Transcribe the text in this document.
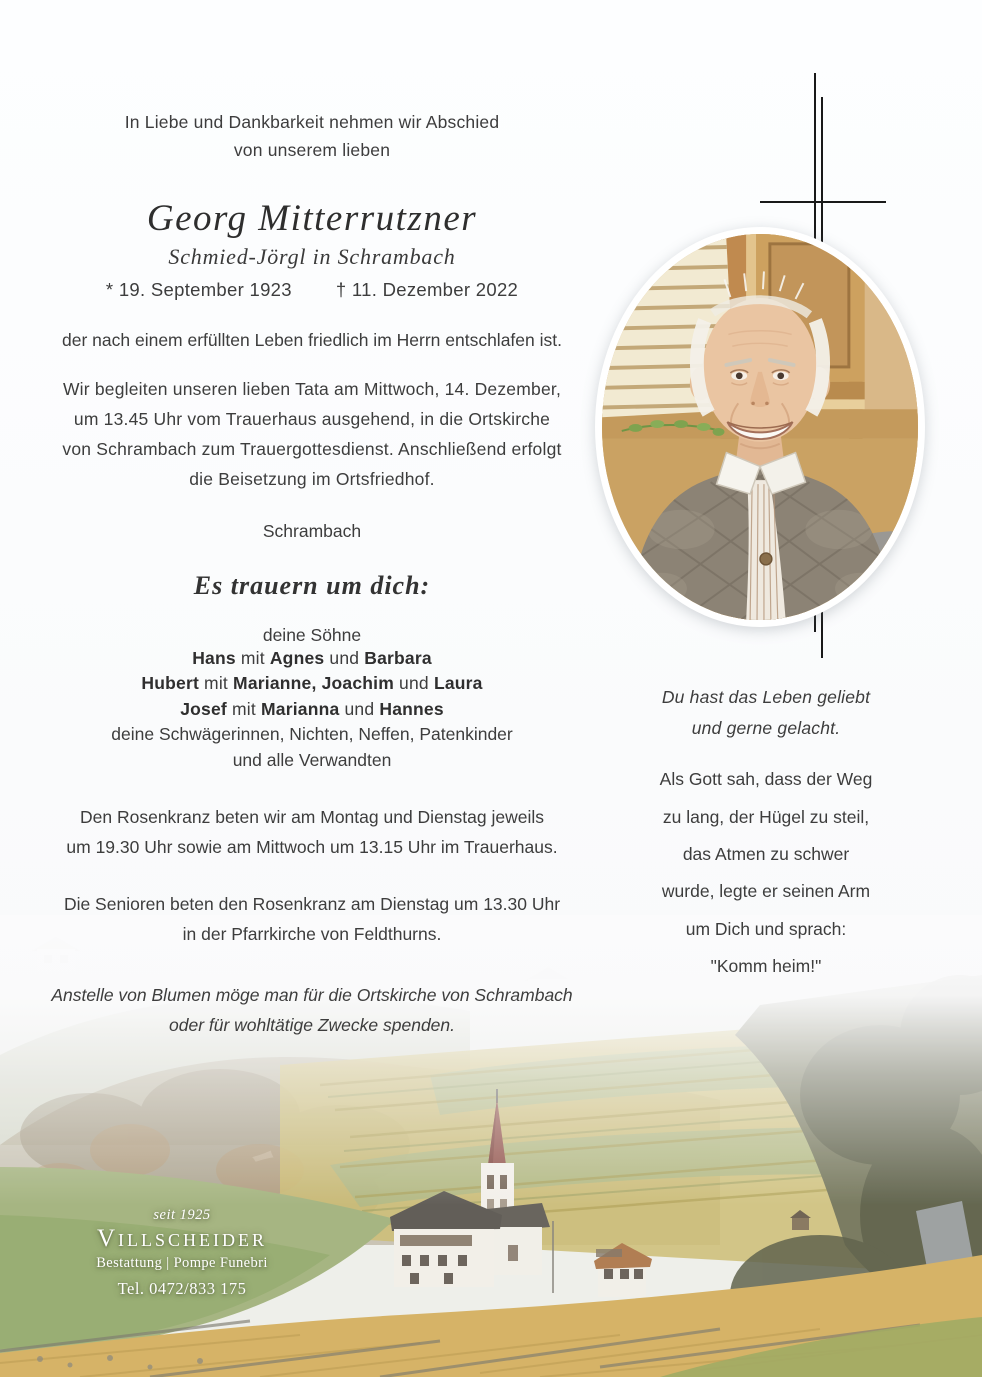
In Liebe und Dankbarkeit nehmen wir Abschied
von unserem lieben
Georg Mitterrutzner
Schmied-Jörgl in Schrambach
* 19. September 1923 † 11. Dezember 2022
der nach einem erfüllten Leben friedlich im Herrn entschlafen ist.
Wir begleiten unseren lieben Tata am Mittwoch, 14. Dezember,
um 13.45 Uhr vom Trauerhaus ausgehend, in die Ortskirche
von Schrambach zum Trauergottesdienst. Anschließend erfolgt
die Beisetzung im Ortsfriedhof.
Schrambach
Es trauern um dich:
deine Söhne
Hans mit Agnes und Barbara
Hubert mit Marianne, Joachim und Laura
Josef mit Marianna und Hannes
deine Schwägerinnen, Nichten, Neffen, Patenkinder
und alle Verwandten
Den Rosenkranz beten wir am Montag und Dienstag jeweils
um 19.30 Uhr sowie am Mittwoch um 13.15 Uhr im Trauerhaus.
Die Senioren beten den Rosenkranz am Dienstag um 13.30 Uhr
in der Pfarrkirche von Feldthurns.
Anstelle von Blumen möge man für die Ortskirche von Schrambach
oder für wohltätige Zwecke spenden.
Du hast das Leben geliebt
und gerne gelacht.
Als Gott sah, dass der Weg
zu lang, der Hügel zu steil,
das Atmen zu schwer
wurde, legte er seinen Arm
um Dich und sprach:
"Komm heim!"
seit 1925
Villscheider
Bestattung | Pompe Funebri
Tel. 0472/833 175
